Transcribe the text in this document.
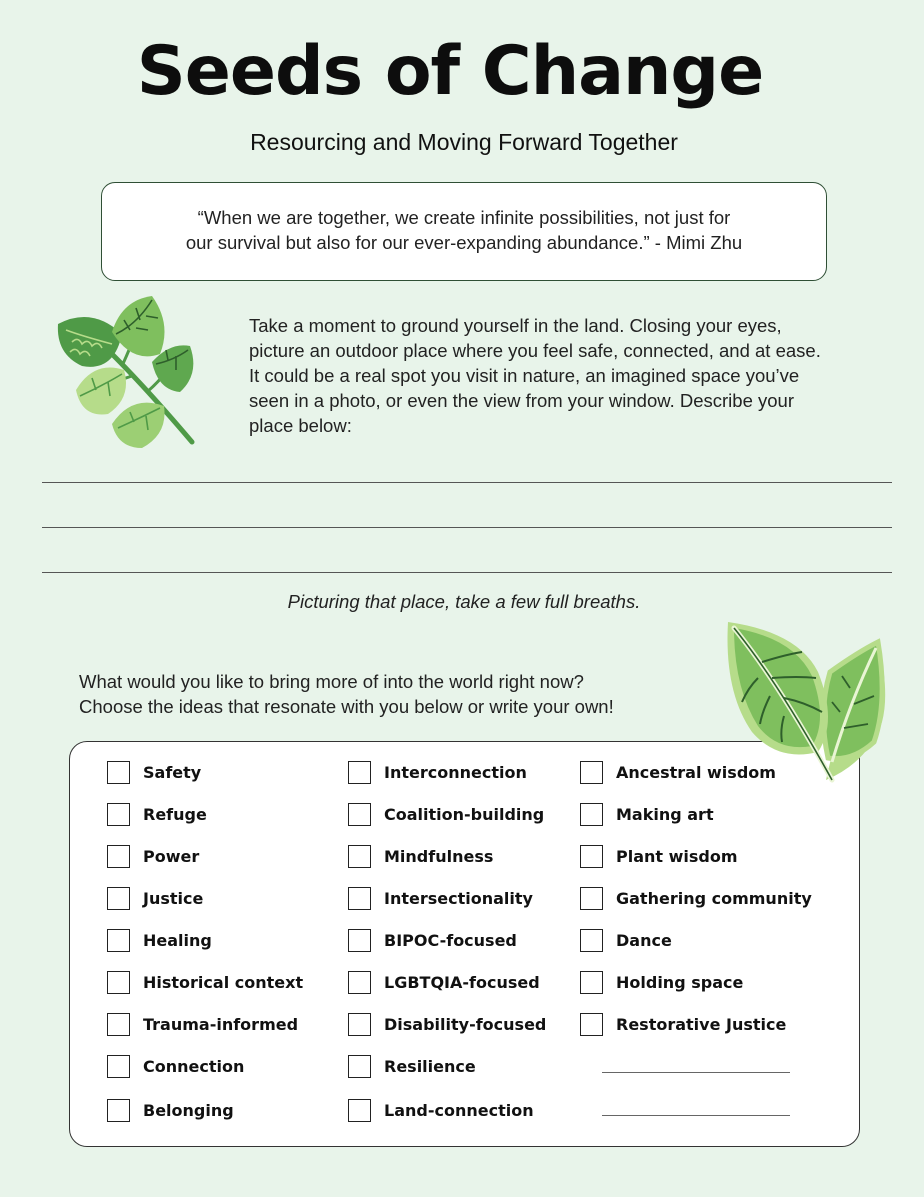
Seeds of Change
Resourcing and Moving Forward Together
“When we are together, we create infinite possibilities, not just for
our survival but also for our ever-expanding abundance.” - Mimi Zhu
Take a moment to ground yourself in the land. Closing your eyes,
picture an outdoor place where you feel safe, connected, and at ease.
It could be a real spot you visit in nature, an imagined space you’ve
seen in a photo, or even the view from your window. Describe your
place below:
Picturing that place, take a few full breaths.
What would you like to bring more of into the world right now?
Choose the ideas that resonate with you below or write your own!
Safety
Refuge
Power
Justice
Healing
Historical context
Trauma-informed
Connection
Belonging
Interconnection
Coalition-building
Mindfulness
Intersectionality
BIPOC-focused
LGBTQIA-focused
Disability-focused
Resilience
Land-connection
Ancestral wisdom
Making art
Plant wisdom
Gathering community
Dance
Holding space
Restorative Justice
